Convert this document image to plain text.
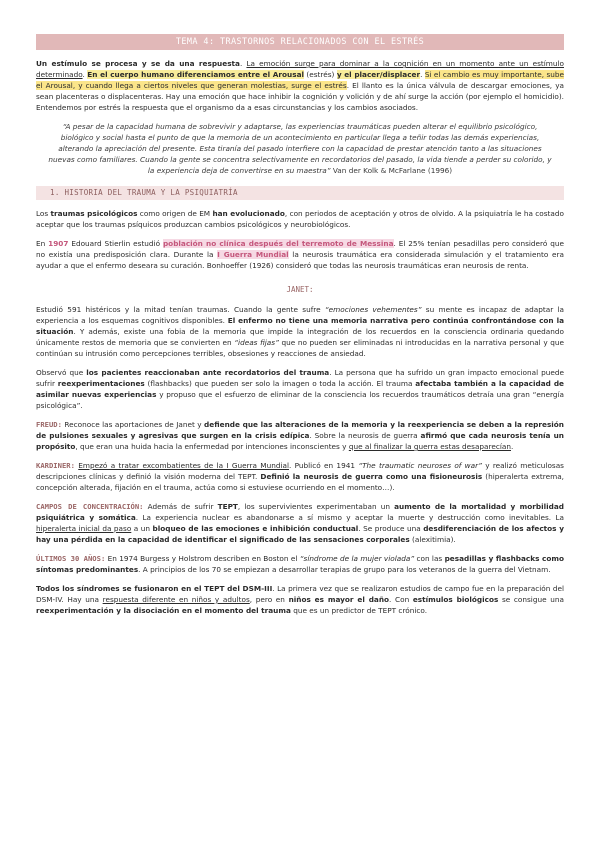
TEMA 4: TRASTORNOS RELACIONADOS CON EL ESTRÉS

Un estímulo se procesa y se da una respuesta. La emoción surge para dominar a la cognición en un momento ante un estímulo determinado. En el cuerpo humano diferenciamos entre el Arousal (estrés) y el placer/displacer. Si el cambio es muy importante, sube el Arousal, y cuando llega a ciertos niveles que generan molestias, surge el estrés. El llanto es la única válvula de descargar emociones, ya sean placenteras o displacenteras. Hay una emoción que hace inhibir la cognición y volición y de ahí surge la acción (por ejemplo el homicidio). Entendemos por estrés la respuesta que el organismo da a esas circunstancias y los cambios asociados.

“A pesar de la capacidad humana de sobrevivir y adaptarse, las experiencias traumáticas pueden alterar el equilibrio psicológico, biológico y social hasta el punto de que la memoria de un acontecimiento en particular llega a teñir todas las demás experiencias, alterando la apreciación del presente. Esta tiranía del pasado interfiere con la capacidad de prestar atención tanto a las situaciones nuevas como familiares. Cuando la gente se concentra selectivamente en recordatorios del pasado, la vida tiende a perder su colorido, y la experiencia deja de convertirse en su maestra” Van der Kolk & McFarlane (1996)

1. HISTORIA DEL TRAUMA Y LA PSIQUIATRÍA

Los traumas psicológicos como origen de EM han evolucionado, con periodos de aceptación y otros de olvido. A la psiquiatría le ha costado aceptar que los traumas psíquicos produzcan cambios psicológicos y neurobiológicos.

En 1907 Edouard Stierlin estudió población no clínica después del terremoto de Messina. El 25% tenían pesadillas pero consideró que no existía una predisposición clara. Durante la I Guerra Mundial la neurosis traumática era considerada simulación y el tratamiento era ayudar a que el enfermo deseara su curación. Bonhoeffer (1926) consideró que todas las neurosis traumáticas eran neurosis de renta.

JANET:

Estudió 591 histéricos y la mitad tenían traumas. Cuando la gente sufre “emociones vehementes” su mente es incapaz de adaptar la experiencia a los esquemas cognitivos disponibles. El enfermo no tiene una memoria narrativa pero continúa confrontándose con la situación. Y además, existe una fobia de la memoria que impide la integración de los recuerdos en la consciencia ordinaria quedando únicamente restos de memoria que se convierten en “ideas fijas” que no pueden ser eliminadas ni introducidas en la narrativa personal y que continúan su intrusión como percepciones terribles, obsesiones y reacciones de ansiedad.

Observó que los pacientes reaccionaban ante recordatorios del trauma. La persona que ha sufrido un gran impacto emocional puede sufrir reexperimentaciones (flashbacks) que pueden ser solo la imagen o toda la acción. El trauma afectaba también a la capacidad de asimilar nuevas experiencias y propuso que el esfuerzo de eliminar de la consciencia los recuerdos traumáticos detraía una gran “energía psicológica”.

FREUD: Reconoce las aportaciones de Janet y defiende que las alteraciones de la memoria y la reexperiencia se deben a la represión de pulsiones sexuales y agresivas que surgen en la crisis edípica. Sobre la neurosis de guerra afirmó que cada neurosis tenía un propósito, que eran una huida hacia la enfermedad por intenciones inconscientes y que al finalizar la guerra estas desaparecían.

KARDINER: Empezó a tratar excombatientes de la I Guerra Mundial. Publicó en 1941 “The traumatic neuroses of war” y realizó meticulosas descripciones clínicas y definió la visión moderna del TEPT. Definió la neurosis de guerra como una fisioneurosis (hiperalerta extrema, concepción alterada, fijación en el trauma, actúa como si estuviese ocurriendo en el momento…).

CAMPOS DE CONCENTRACIÓN: Además de sufrir TEPT, los supervivientes experimentaban un aumento de la mortalidad y morbilidad psiquiátrica y somática. La experiencia nuclear es abandonarse a sí mismo y aceptar la muerte y destrucción como inevitables. La hiperalerta inicial da paso a un bloqueo de las emociones e inhibición conductual. Se produce una desdiferenciación de los afectos y hay una pérdida en la capacidad de identificar el significado de las sensaciones corporales (alexitimia).

ÚLTIMOS 30 AÑOS: En 1974 Burgess y Holstrom describen en Boston el “síndrome de la mujer violada” con las pesadillas y flashbacks como síntomas predominantes. A principios de los 70 se empiezan a desarrollar terapias de grupo para los veteranos de la guerra del Vietnam.

Todos los síndromes se fusionaron en el TEPT del DSM-III. La primera vez que se realizaron estudios de campo fue en la preparación del DSM-IV. Hay una respuesta diferente en niños y adultos, pero en niños es mayor el daño. Con estímulos biológicos se consigue una reexperimentación y la disociación en el momento del trauma que es un predictor de TEPT crónico.
